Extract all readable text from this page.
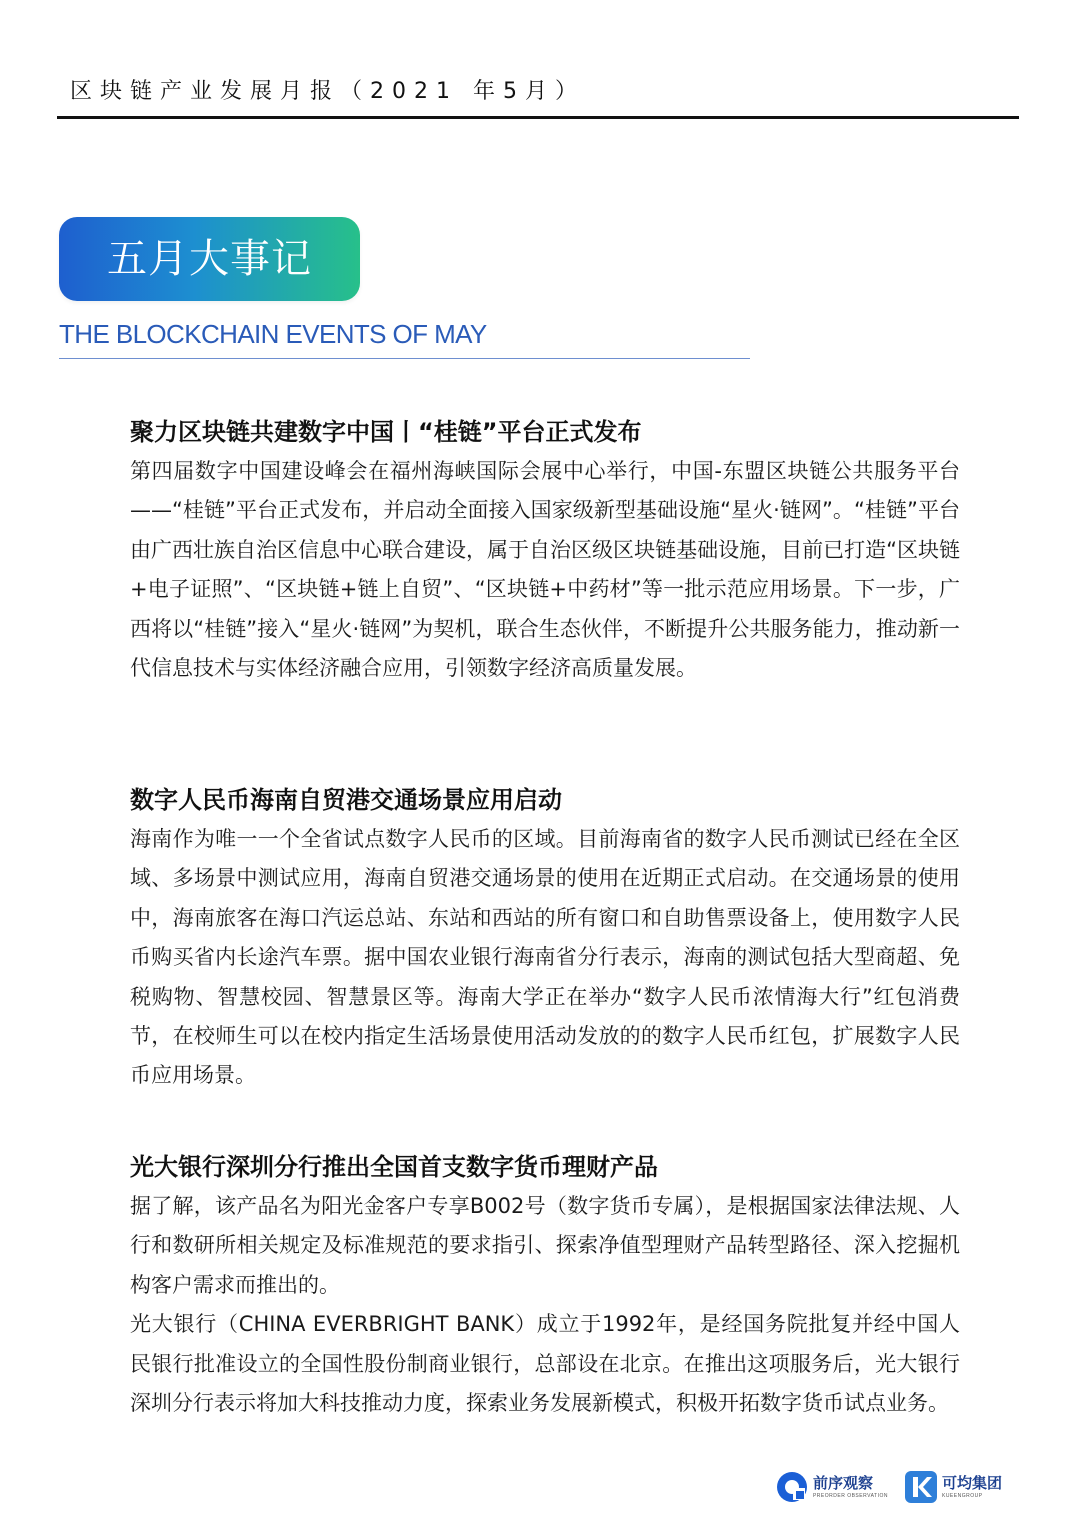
区块链产业发展月报（2021 年5月）
五月大事记
THE BLOCKCHAIN EVENTS OF MAY
聚力区块链共建数字中国丨“桂链”平台正式发布

第四届数字中国建设峰会在福州海峡国际会展中心举行，中国-东盟区块链公共服务平台——“桂链”平台正式发布，并启动全面接入国家级新型基础设施“星火·链网”。“桂链”平台由广西壮族自治区信息中心联合建设，属于自治区级区块链基础设施，目前已打造“区块链+电子证照”、“区块链+链上自贸”、“区块链+中药材”等一批示范应用场景。下一步，广西将以“桂链”接入“星火·链网”为契机，联合生态伙伴，不断提升公共服务能力，推动新一代信息技术与实体经济融合应用，引领数字经济高质量发展。

数字人民币海南自贸港交通场景应用启动

海南作为唯一一个全省试点数字人民币的区域。目前海南省的数字人民币测试已经在全区域、多场景中测试应用，海南自贸港交通场景的使用在近期正式启动。在交通场景的使用中，海南旅客在海口汽运总站、东站和西站的所有窗口和自助售票设备上，使用数字人民币购买省内长途汽车票。据中国农业银行海南省分行表示，海南的测试包括大型商超、免税购物、智慧校园、智慧景区等。海南大学正在举办“数字人民币浓情海大行”红包消费节，在校师生可以在校内指定生活场景使用活动发放的的数字人民币红包，扩展数字人民币应用场景。

光大银行深圳分行推出全国首支数字货币理财产品

据了解，该产品名为阳光金客户专享B002号（数字货币专属），是根据国家法律法规、人行和数研所相关规定及标准规范的要求指引、探索净值型理财产品转型路径、深入挖掘机构客户需求而推出的。

光大银行（CHINA EVERBRIGHT BANK）成立于1992年，是经国务院批复并经中国人民银行批准设立的全国性股份制商业银行，总部设在北京。在推出这项服务后，光大银行深圳分行表示将加大科技推动力度，探索业务发展新模式，积极开拓数字货币试点业务。

前序观察
PREORDER OBSERVATION
可均集团
KUEENGROUP
